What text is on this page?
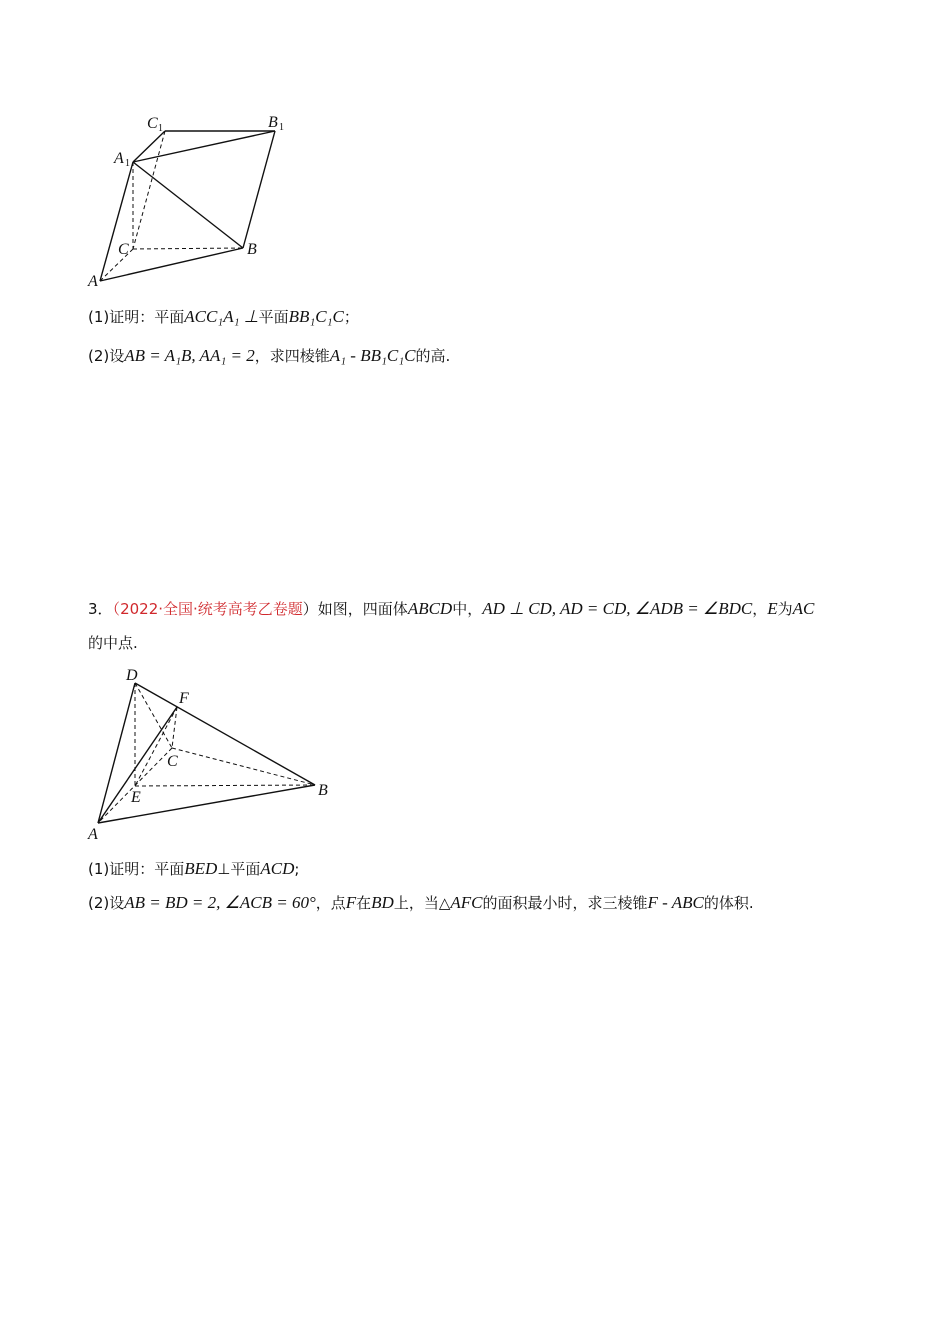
C 1	B 1
A 1
C	B
A
D
F
C
E	B
A
(1)证明：平面ACC₁A₁ ⊥平面BB₁C₁C；
(2)设AB = A₁B, AA₁ = 2，求四棱锥A₁ - BB₁C₁C的高.
3．（2022·全国·统考高考乙卷题）如图，四面体ABCD中，AD ⊥ CD, AD = CD, ∠ADB = ∠BDC，E为AC
的中点.
(1)证明：平面BED⊥平面ACD;
(2)设AB = BD = 2, ∠ACB = 60°，点F在BD上，当△AFC的面积最小时，求三棱锥F - ABC的体积.
